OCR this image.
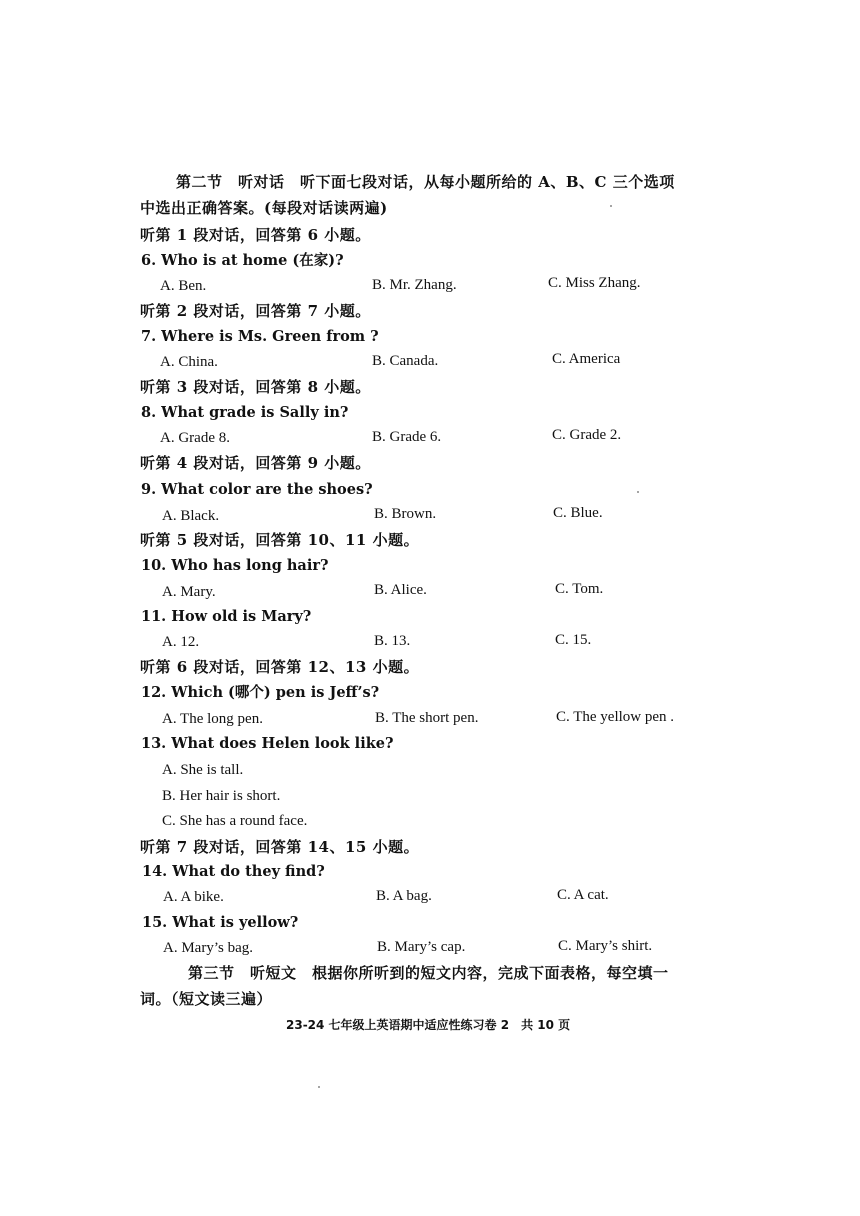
第二节　听对话　听下面七段对话，从每小题所给的 A、B、C 三个选项
中选出正确答案。(每段对话读两遍)
听第 1 段对话，回答第 6 小题。
6. Who is at home (在家)?
A. Ben.	B. Mr. Zhang.	C. Miss Zhang.
听第 2 段对话，回答第 7 小题。
7. Where is Ms. Green from ?
A. China.	B. Canada.	C. America
听第 3 段对话，回答第 8 小题。
8. What grade is Sally in?
A. Grade 8.	B. Grade 6.	C. Grade 2.
听第 4 段对话，回答第 9 小题。
9. What color are the shoes?
A. Black.	B. Brown.	C. Blue.
听第 5 段对话，回答第 10、11 小题。
10. Who has long hair?
A. Mary.	B. Alice.	C. Tom.
11. How old is Mary?
A. 12.	B. 13.	C. 15.
听第 6 段对话，回答第 12、13 小题。
12. Which (哪个) pen is Jeff’s?
A. The long pen.	B. The short pen.	C. The yellow pen .
13. What does Helen look like?
A. She is tall.
B. Her hair is short.
C. She has a round face.
听第 7 段对话，回答第 14、15 小题。
14. What do they find?
A. A bike.	B. A bag.	C. A cat.
15. What is yellow?
A. Mary’s bag.	B. Mary’s cap.	C. Mary’s shirt.
第三节　听短文　根据你所听到的短文内容，完成下面表格，每空填一
词。（短文读三遍）
23-24 七年级上英语期中适应性练习卷 2　共 10 页
